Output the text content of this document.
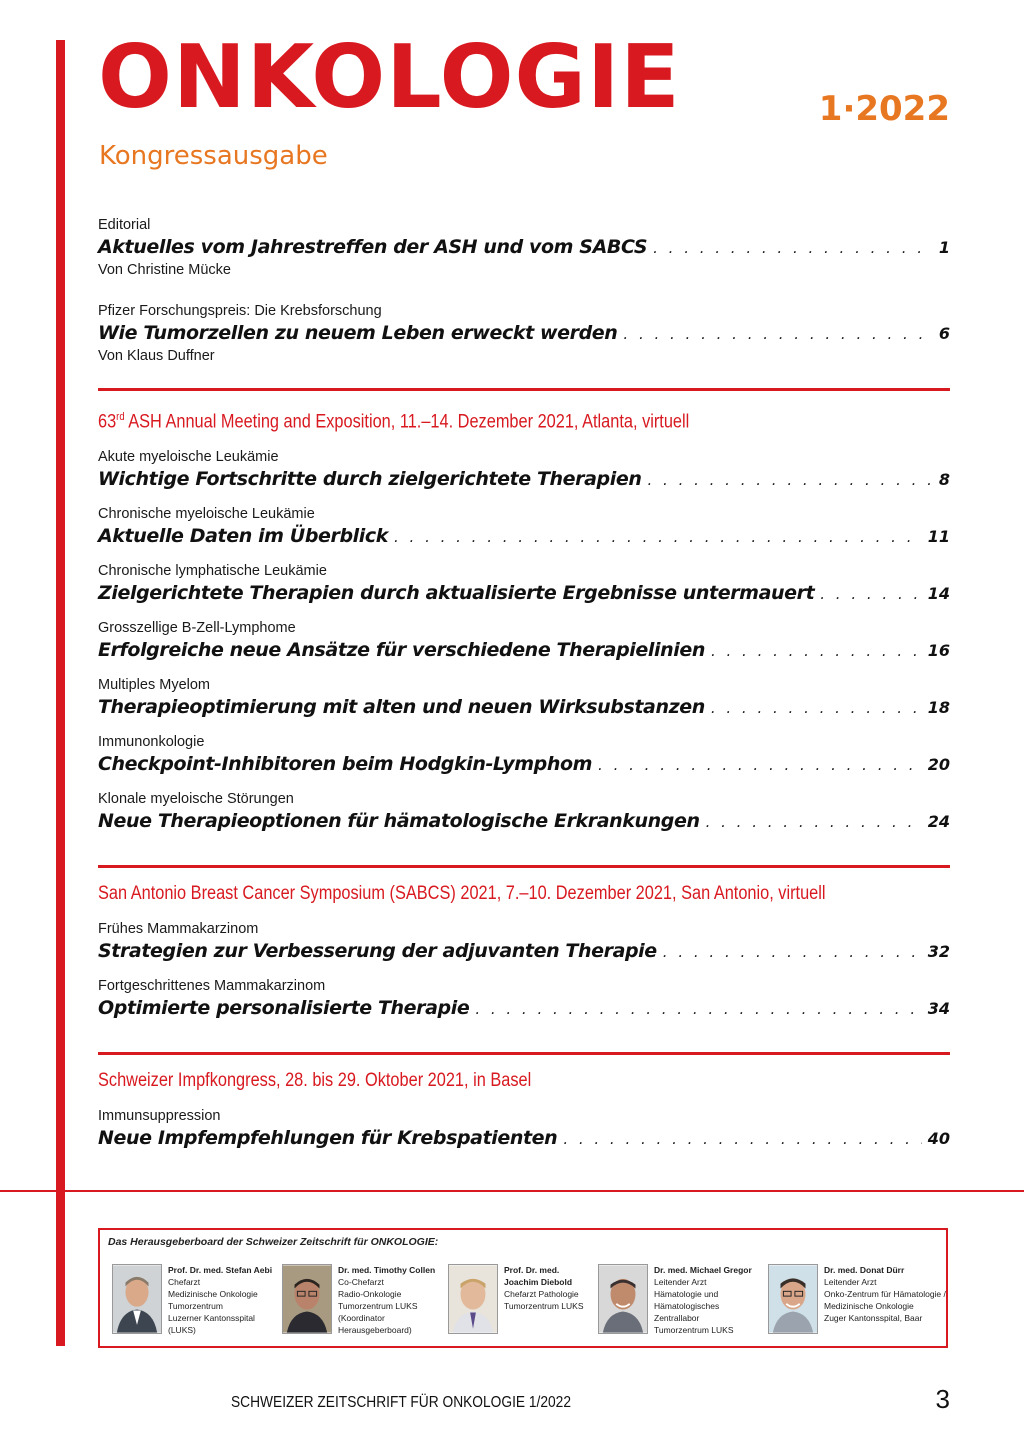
ONKOLOGIE	1·2022
Kongressausgabe
Editorial
Aktuelles vom Jahrestreffen der ASH und vom SABCS . . .	1
Von Christine Mücke
Pfizer Forschungspreis: Die Krebsforschung
Wie Tumorzellen zu neuem Leben erweckt werden . . .	6
Von Klaus Duffner
63rd ASH Annual Meeting and Exposition, 11.–14. Dezember 2021, Atlanta, virtuell
Akute myeloische Leukämie
Wichtige Fortschritte durch zielgerichtete Therapien . . .	8
Chronische myeloische Leukämie
Aktuelle Daten im Überblick . . .	11
Chronische lymphatische Leukämie
Zielgerichtete Therapien durch aktualisierte Ergebnisse untermauert . . .	14
Grosszellige B-Zell-Lymphome
Erfolgreiche neue Ansätze für verschiedene Therapielinien . . .	16
Multiples Myelom
Therapieoptimierung mit alten und neuen Wirksubstanzen . . .	18
Immunonkologie
Checkpoint-Inhibitoren beim Hodgkin-Lymphom . . .	20
Klonale myeloische Störungen
Neue Therapieoptionen für hämatologische Erkrankungen . . .	24
San Antonio Breast Cancer Symposium (SABCS) 2021, 7.–10. Dezember 2021, San Antonio, virtuell
Frühes Mammakarzinom
Strategien zur Verbesserung der adjuvanten Therapie . . .	32
Fortgeschrittenes Mammakarzinom
Optimierte personalisierte Therapie . . .	34
Schweizer Impfkongress, 28. bis 29. Oktober 2021, in Basel
Immunsuppression
Neue Impfempfehlungen für Krebspatienten . . .	40
Das Herausgeberboard der Schweizer Zeitschrift für ONKOLOGIE:
Prof. Dr. med. Stefan Aebi
Chefarzt
Medizinische Onkologie
Tumorzentrum
Luzerner Kantonsspital
(LUKS)
Dr. med. Timothy Collen
Co-Chefarzt
Radio-Onkologie
Tumorzentrum LUKS
(Koordinator
Herausgeberboard)
Prof. Dr. med.
Joachim Diebold
Chefarzt Pathologie
Tumorzentrum LUKS
Dr. med. Michael Gregor
Leitender Arzt
Hämatologie und
Hämatologisches
Zentrallabor
Tumorzentrum LUKS
Dr. med. Donat Dürr
Leitender Arzt
Onko-Zentrum für Hämatologie /
Medizinische Onkologie
Zuger Kantonsspital, Baar
SCHWEIZER ZEITSCHRIFT FÜR ONKOLOGIE 1/2022	3
